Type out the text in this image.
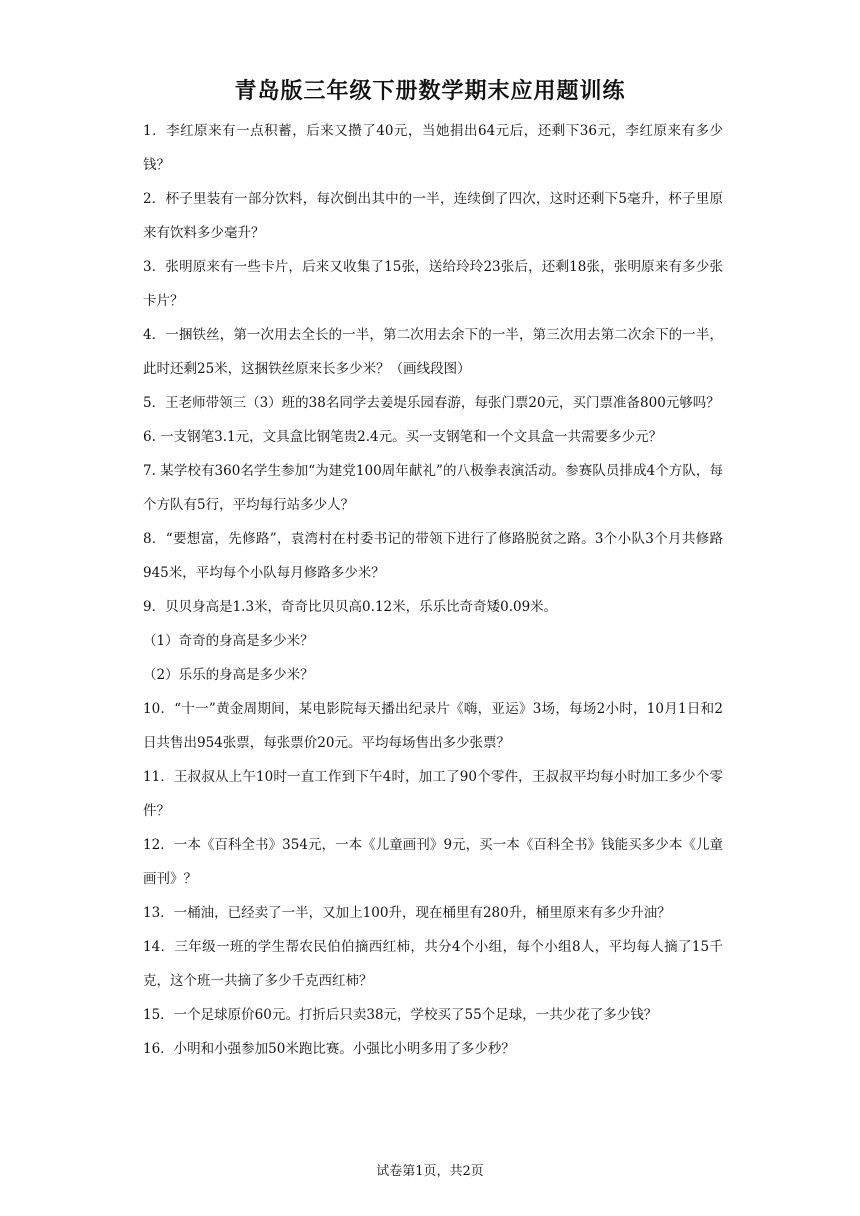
青岛版三年级下册数学期末应用题训练

1．李红原来有一点积蓄，后来又攒了40元，当她捐出64元后，还剩下36元，李红原来有多少钱？

2．杯子里装有一部分饮料，每次倒出其中的一半，连续倒了四次，这时还剩下5毫升，杯子里原来有饮料多少毫升？

3．张明原来有一些卡片，后来又收集了15张，送给玲玲23张后，还剩18张，张明原来有多少张卡片？

4．一捆铁丝，第一次用去全长的一半，第二次用去余下的一半，第三次用去第二次余下的一半，此时还剩25米，这捆铁丝原来长多少米？（画线段图）

5．王老师带领三（3）班的38名同学去姜堤乐园春游，每张门票20元，买门票准备800元够吗？

6. 一支钢笔3.1元，文具盒比钢笔贵2.4元。买一支钢笔和一个文具盒一共需要多少元？

7. 某学校有360名学生参加“为建党100周年献礼”的八极拳表演活动。参赛队员排成4个方队，每个方队有5行，平均每行站多少人？

8．“要想富，先修路”，袁湾村在村委书记的带领下进行了修路脱贫之路。3个小队3个月共修路945米，平均每个小队每月修路多少米？

9．贝贝身高是1.3米，奇奇比贝贝高0.12米，乐乐比奇奇矮0.09米。

（1）奇奇的身高是多少米？

（2）乐乐的身高是多少米？

10．“十一”黄金周期间，某电影院每天播出纪录片《嗨，亚运》3场，每场2小时，10月1日和2日共售出954张票，每张票价20元。平均每场售出多少张票？

11．王叔叔从上午10时一直工作到下午4时，加工了90个零件，王叔叔平均每小时加工多少个零件？

12．一本《百科全书》354元，一本《儿童画刊》9元，买一本《百科全书》钱能买多少本《儿童画刊》？

13．一桶油，已经卖了一半，又加上100升，现在桶里有280升，桶里原来有多少升油？

14．三年级一班的学生帮农民伯伯摘西红柿，共分4个小组，每个小组8人，平均每人摘了15千克，这个班一共摘了多少千克西红柿？

15．一个足球原价60元。打折后只卖38元，学校买了55个足球，一共少花了多少钱？

16．小明和小强参加50米跑比赛。小强比小明多用了多少秒？

试卷第1页，共2页
